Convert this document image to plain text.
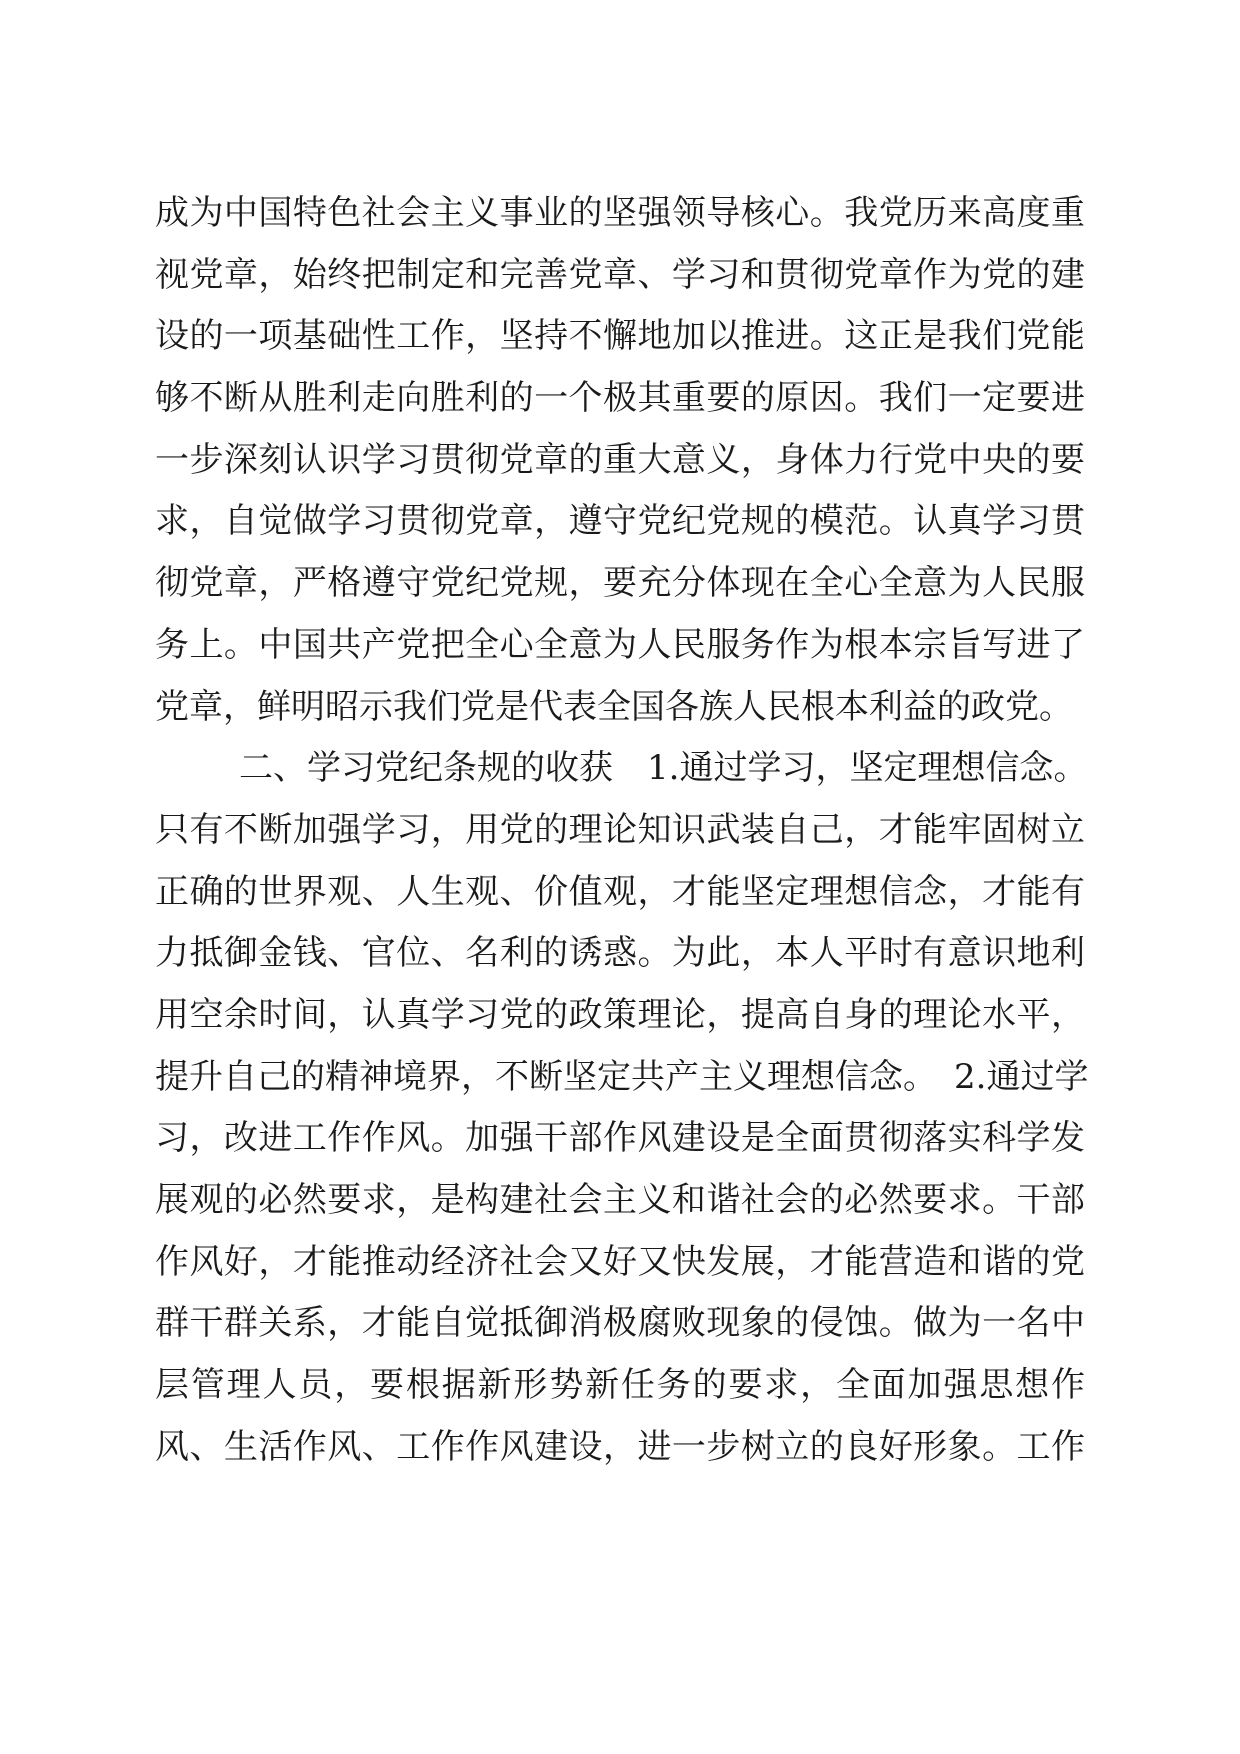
成为中国特色社会主义事业的坚强领导核心。我党历来高度重
视党章，始终把制定和完善党章、学习和贯彻党章作为党的建
设的一项基础性工作，坚持不懈地加以推进。这正是我们党能
够不断从胜利走向胜利的一个极其重要的原因。我们一定要进
一步深刻认识学习贯彻党章的重大意义，身体力行党中央的要
求，自觉做学习贯彻党章，遵守党纪党规的模范。认真学习贯
彻党章，严格遵守党纪党规，要充分体现在全心全意为人民服
务上。中国共产党把全心全意为人民服务作为根本宗旨写进了
党章，鲜明昭示我们党是代表全国各族人民根本利益的政党。
二、学习党纪条规的收获　1.通过学习，坚定理想信念。
只有不断加强学习，用党的理论知识武装自己，才能牢固树立
正确的世界观、人生观、价值观，才能坚定理想信念，才能有
力抵御金钱、官位、名利的诱惑。为此，本人平时有意识地利
用空余时间，认真学习党的政策理论，提高自身的理论水平，
提升自己的精神境界，不断坚定共产主义理想信念。　2.通过学
习，改进工作作风。加强干部作风建设是全面贯彻落实科学发
展观的必然要求，是构建社会主义和谐社会的必然要求。干部
作风好，才能推动经济社会又好又快发展，才能营造和谐的党
群干群关系，才能自觉抵御消极腐败现象的侵蚀。做为一名中
层管理人员，要根据新形势新任务的要求，全面加强思想作
风、生活作风、工作作风建设，进一步树立的良好形象。工作
